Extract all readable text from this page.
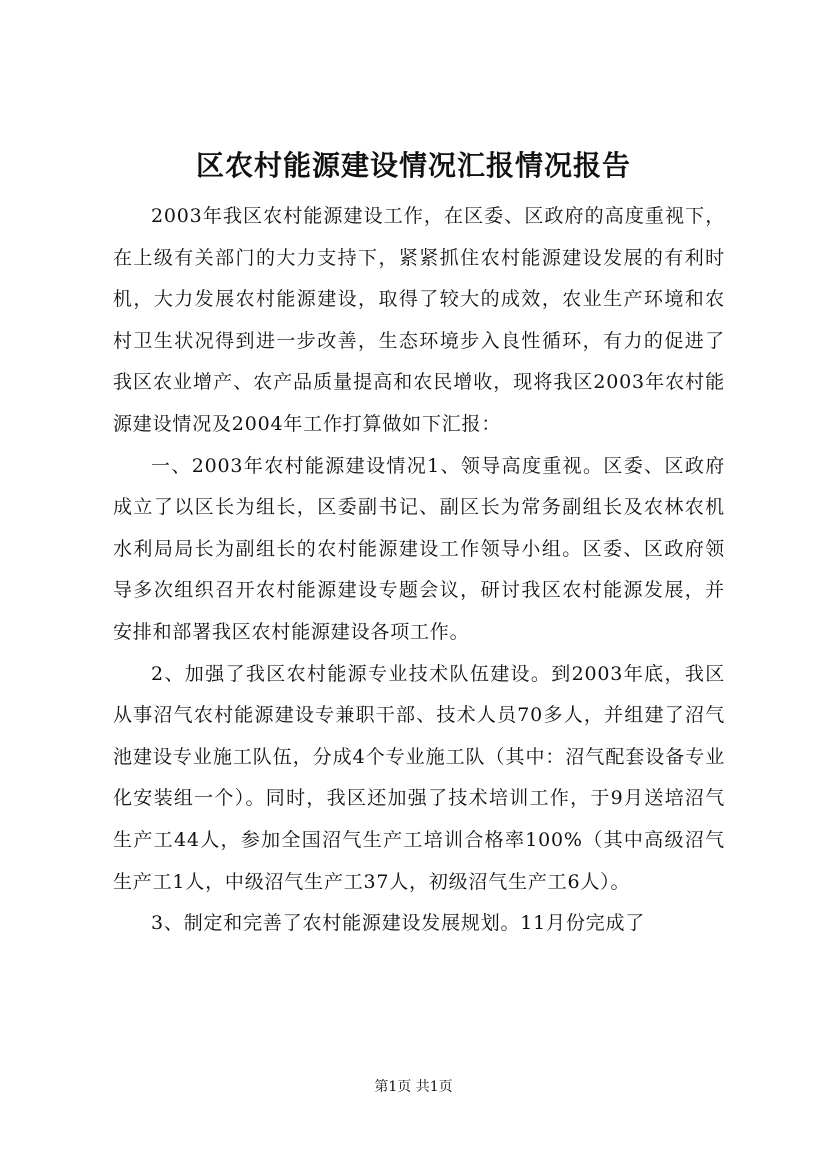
区农村能源建设情况汇报情况报告

2003年我区农村能源建设工作，在区委、区政府的高度重视下，在上级有关部门的大力支持下，紧紧抓住农村能源建设发展的有利时机，大力发展农村能源建设，取得了较大的成效，农业生产环境和农村卫生状况得到进一步改善，生态环境步入良性循环，有力的促进了我区农业增产、农产品质量提高和农民增收，现将我区2003年农村能源建设情况及2004年工作打算做如下汇报：

一、2003年农村能源建设情况1、领导高度重视。区委、区政府成立了以区长为组长，区委副书记、副区长为常务副组长及农林农机水利局局长为副组长的农村能源建设工作领导小组。区委、区政府领导多次组织召开农村能源建设专题会议，研讨我区农村能源发展，并安排和部署我区农村能源建设各项工作。

2、加强了我区农村能源专业技术队伍建设。到2003年底，我区从事沼气农村能源建设专兼职干部、技术人员70多人，并组建了沼气池建设专业施工队伍，分成4个专业施工队（其中：沼气配套设备专业化安装组一个）。同时，我区还加强了技术培训工作，于9月送培沼气生产工44人，参加全国沼气生产工培训合格率100%（其中高级沼气生产工1人，中级沼气生产工37人，初级沼气生产工6人）。

3、制定和完善了农村能源建设发展规划。11月份完成了

第1页 共1页
